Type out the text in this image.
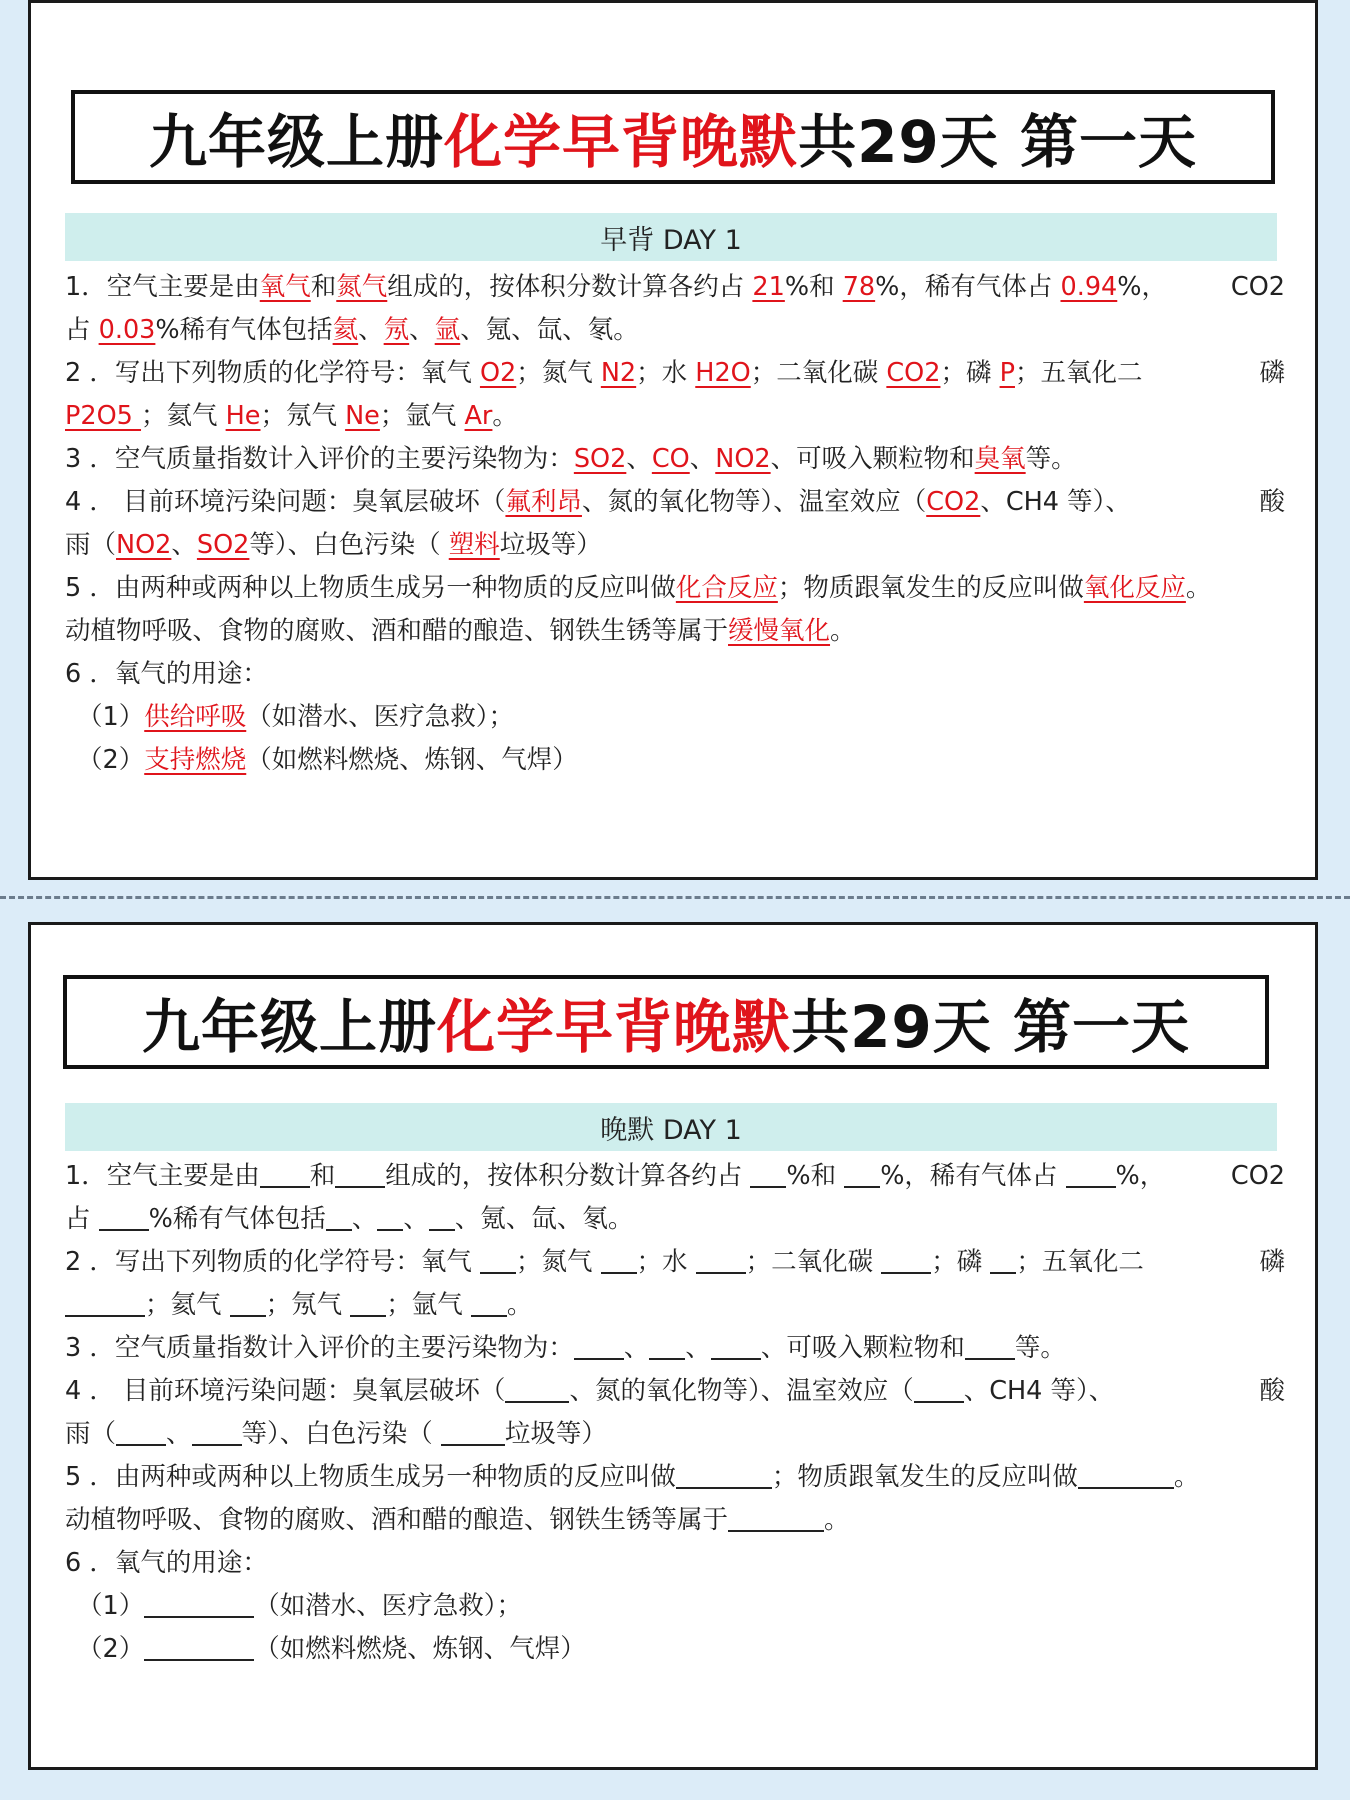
九年级上册 化学早背晚默 共29天 第一天
早背 DAY 1
1．空气主要是由氧气和氮气组成的，按体积分数计算各约占 21%和 78%，稀有气体占 0.94%，	CO2
占 0.03%稀有气体包括氦、氖、氩、氪、氙、氡。
2 ．写出下列物质的化学符号：氧气 O2；氮气 N2；水 H2O；二氧化碳 CO2；磷 P；五氧化二	磷
P2O5 ；氦气 He；氖气 Ne；氩气 Ar。
3 ．空气质量指数计入评价的主要污染物为：SO2、CO、NO2、可吸入颗粒物和臭氧等。
4 ． 目前环境污染问题：臭氧层破坏（氟利昂、氮的氧化物等）、温室效应（CO2、CH4 等）、	酸
雨（NO2、SO2等）、白色污染（ 塑料垃圾等）
5 ．由两种或两种以上物质生成另一种物质的反应叫做化合反应；物质跟氧发生的反应叫做氧化反应。
动植物呼吸、食物的腐败、酒和醋的酿造、钢铁生锈等属于缓慢氧化。
6 ．氧气的用途：
（1）供给呼吸（如潜水、医疗急救）；
（2）支持燃烧（如燃料燃烧、炼钢、气焊）
九年级上册 化学早背晚默 共29天 第一天
晚默 DAY 1
1．空气主要是由 和 组成的，按体积分数计算各约占 %和 %，稀有气体占 %，	CO2
占 %稀有气体包括 、 、 、氪、氙、氡。
2 ．写出下列物质的化学符号：氧气 ；氮气 ；水 ；二氧化碳 ；磷 ；五氧化二	磷
；氦气 ；氖气 ；氩气 。
3 ．空气质量指数计入评价的主要污染物为： 、 、 、可吸入颗粒物和 等。
4 ． 目前环境污染问题：臭氧层破坏（	、氮的氧化物等）、温室效应（ 、CH4 等）、	酸
雨（ 、 等）、白色污染（	垃圾等）
5 ．由两种或两种以上物质生成另一种物质的反应叫做	；物质跟氧发生的反应叫做	。
动植物呼吸、食物的腐败、酒和醋的酿造、钢铁生锈等属于	。
6 ．氧气的用途：
（1）	（如潜水、医疗急救）；
（2）	（如燃料燃烧、炼钢、气焊）
